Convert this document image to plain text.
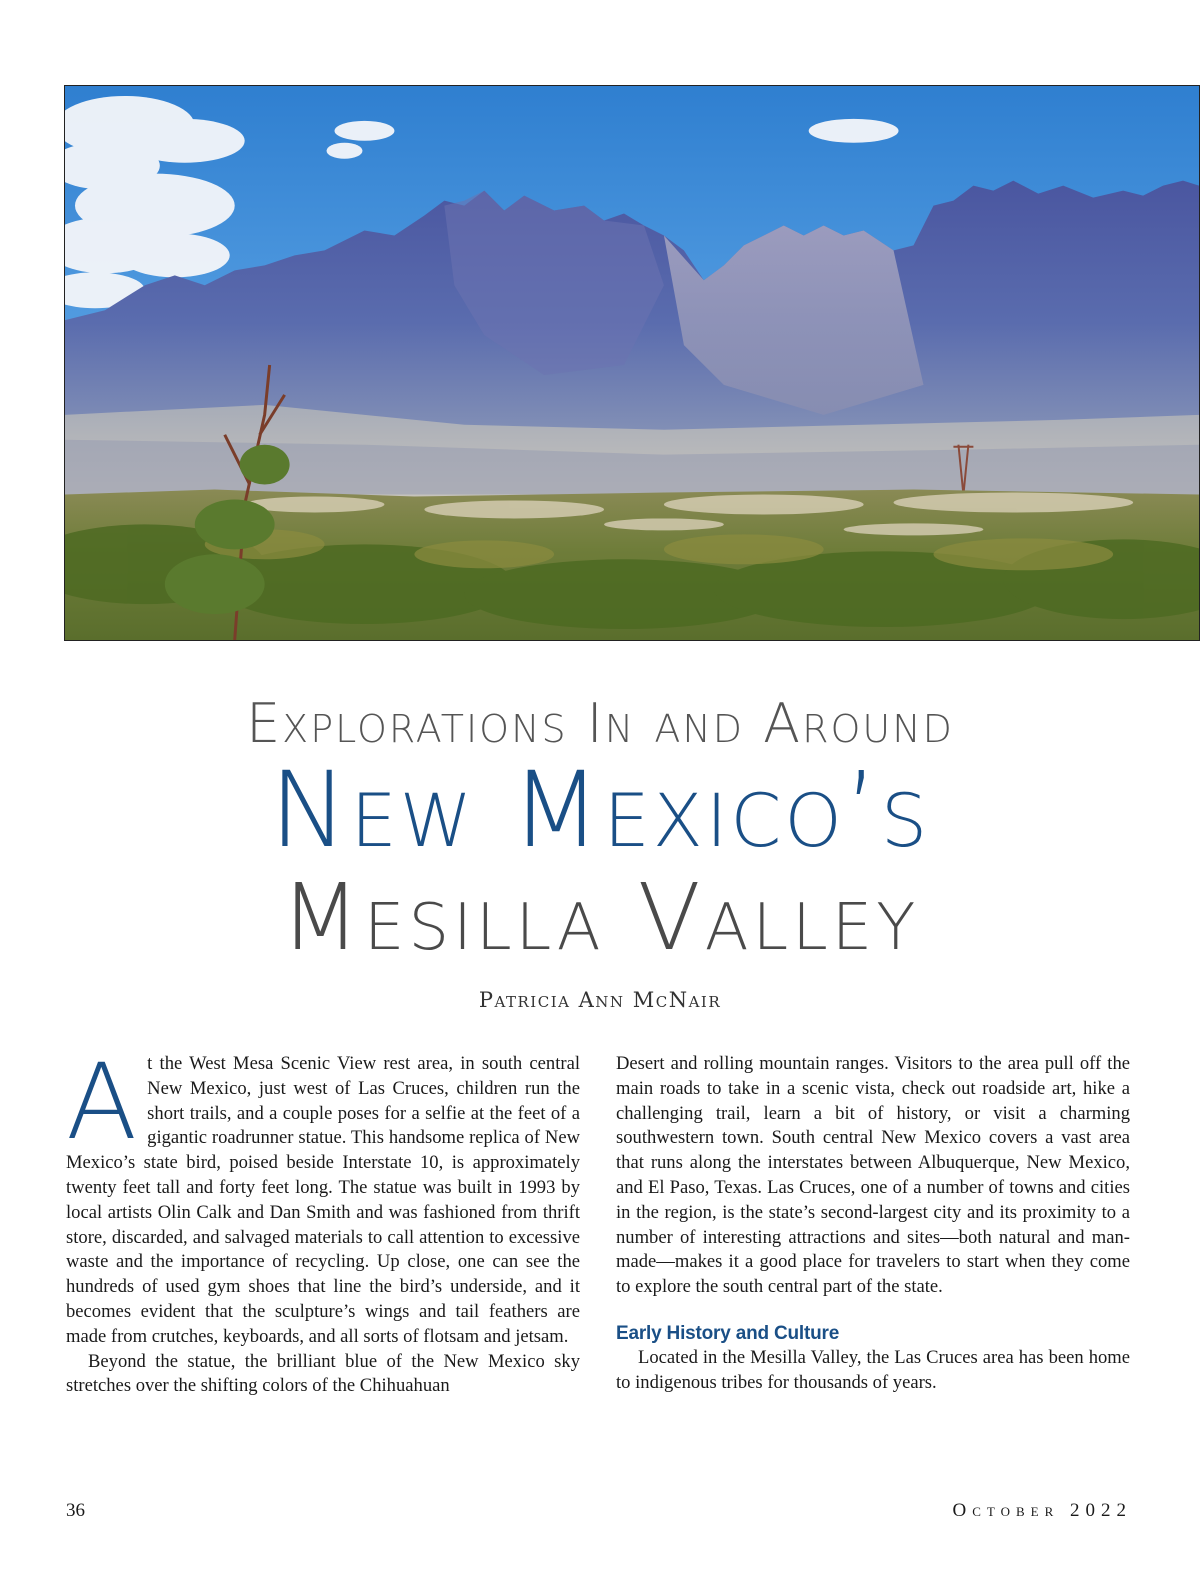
Explorations In and Around

New Mexico’s

Mesilla Valley

Patricia Ann McNair

At the West Mesa Scenic View rest area, in south central New Mexico, just west of Las Cruces, children run the short trails, and a couple poses for a selfie at the feet of a gigantic roadrunner statue. This handsome replica of New Mexico’s state bird, poised beside Interstate 10, is approximately twenty feet tall and forty feet long. The statue was built in 1993 by local artists Olin Calk and Dan Smith and was fashioned from thrift store, discarded, and salvaged materials to call attention to excessive waste and the importance of recycling. Up close, one can see the hundreds of used gym shoes that line the bird’s underside, and it becomes evident that the sculpture’s wings and tail feathers are made from crutches, keyboards, and all sorts of flotsam and jetsam.

Beyond the statue, the brilliant blue of the New Mexico sky stretches over the shifting colors of the Chihuahuan

Desert and rolling mountain ranges. Visitors to the area pull off the main roads to take in a scenic vista, check out roadside art, hike a challenging trail, learn a bit of history, or visit a charming southwestern town. South central New Mexico covers a vast area that runs along the interstates between Albuquerque, New Mexico, and El Paso, Texas. Las Cruces, one of a number of towns and cities in the region, is the state’s second-largest city and its proximity to a number of interesting attractions and sites—both natural and man-made—makes it a good place for travelers to start when they come to explore the south central part of the state.

Early History and Culture

Located in the Mesilla Valley, the Las Cruces area has been home to indigenous tribes for thousands of years.

36	October 2022
